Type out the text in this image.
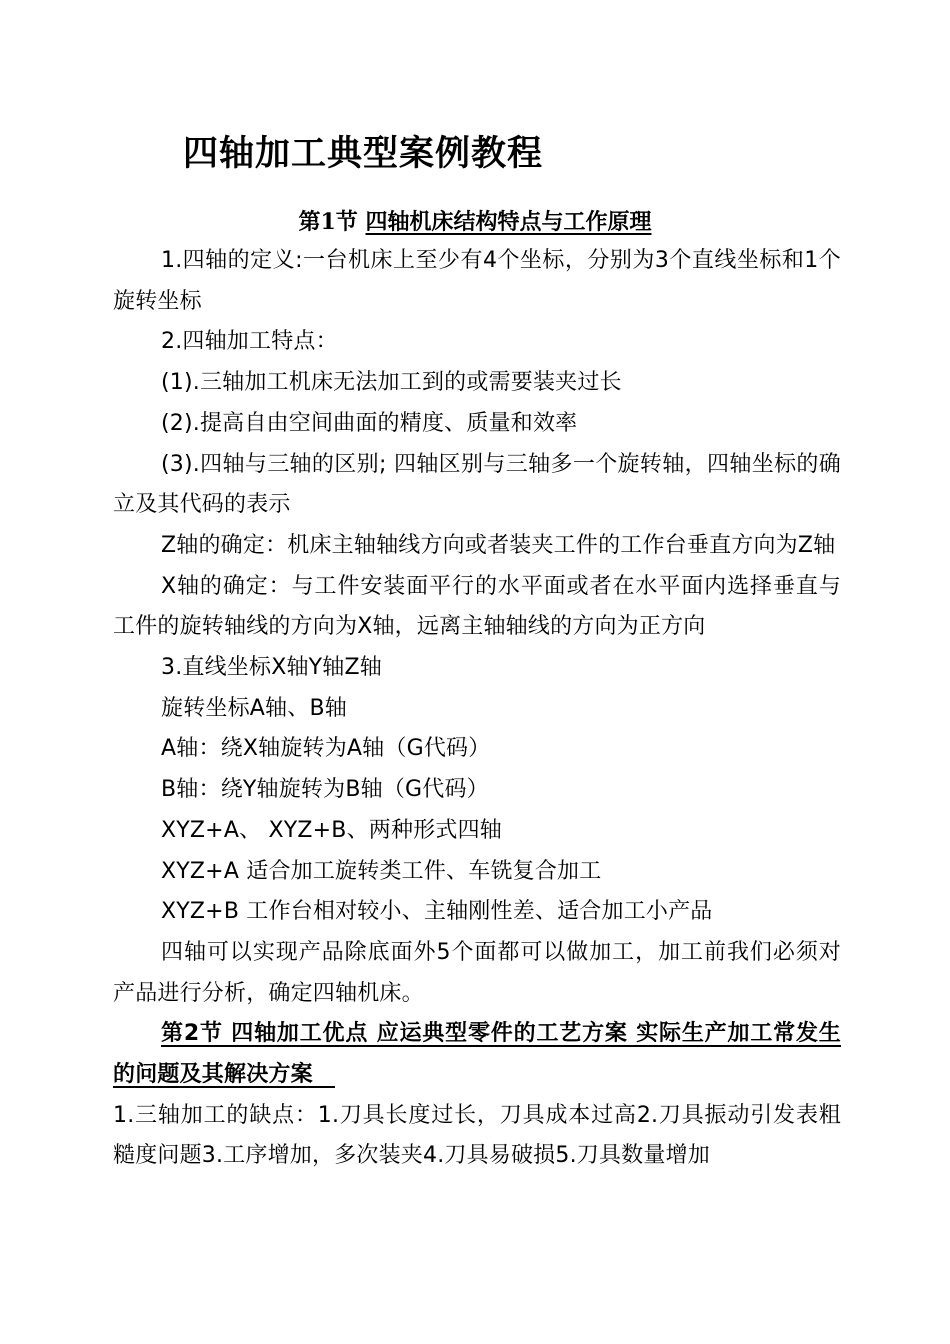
四轴加工典型案例教程
第1节 四轴机床结构特点与工作原理

1.四轴的定义:一台机床上至少有4个坐标，分别为3个直线坐标和1个旋转坐标

2.四轴加工特点：

(1).三轴加工机床无法加工到的或需要装夹过长

(2).提高自由空间曲面的精度、质量和效率

(3).四轴与三轴的区别; 四轴区别与三轴多一个旋转轴，四轴坐标的确立及其代码的表示

Z轴的确定：机床主轴轴线方向或者装夹工件的工作台垂直方向为Z轴

X轴的确定：与工件安装面平行的水平面或者在水平面内选择垂直与工件的旋转轴线的方向为X轴，远离主轴轴线的方向为正方向

3.直线坐标X轴Y轴Z轴

旋转坐标A轴、B轴

A轴：绕X轴旋转为A轴（G代码）

B轴：绕Y轴旋转为B轴（G代码）

XYZ+A、 XYZ+B、两种形式四轴

XYZ+A 适合加工旋转类工件、车铣复合加工

XYZ+B 工作台相对较小、主轴刚性差、适合加工小产品

四轴可以实现产品除底面外5个面都可以做加工，加工前我们必须对产品进行分析，确定四轴机床。

第2节 四轴加工优点 应运典型零件的工艺方案 实际生产加工常发生的问题及其解决方案　

1.三轴加工的缺点：1.刀具长度过长，刀具成本过高2.刀具振动引发表粗糙度问题3.工序增加，多次装夹4.刀具易破损5.刀具数量增加
